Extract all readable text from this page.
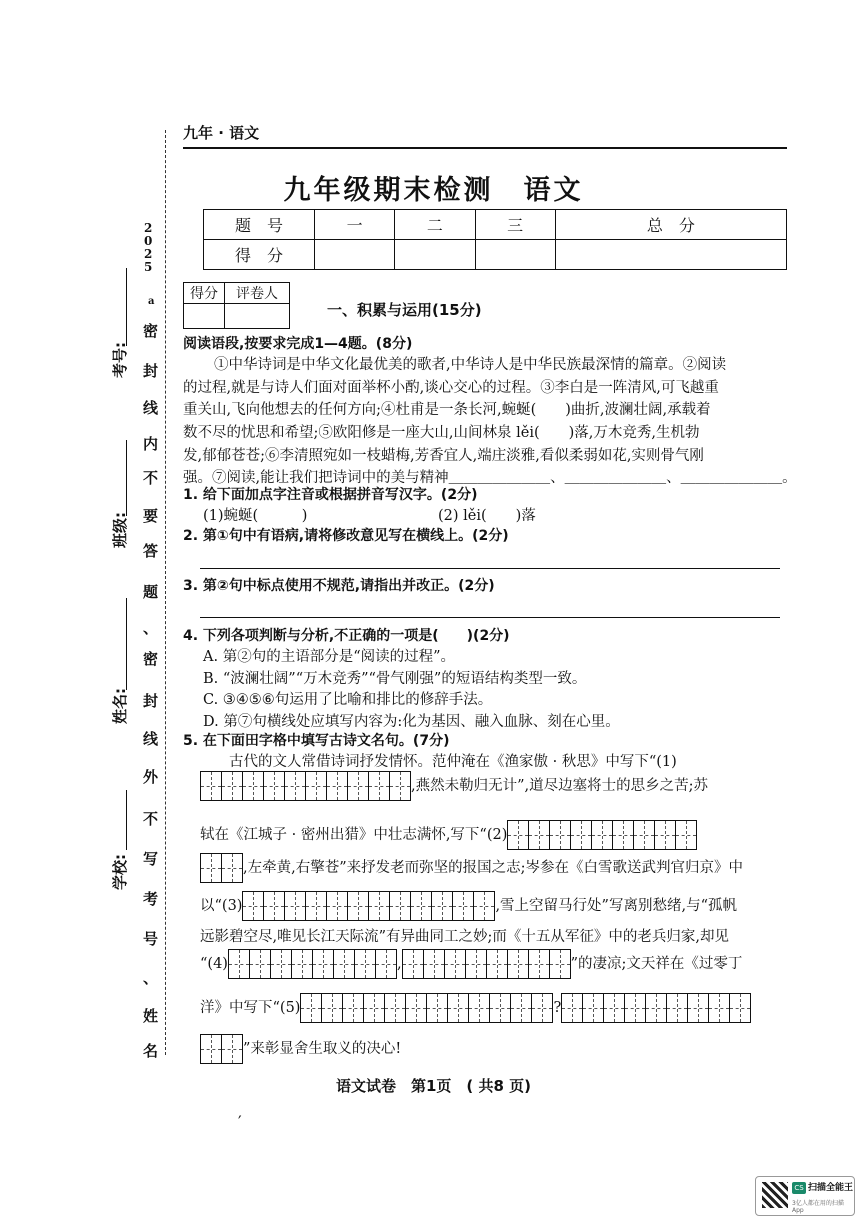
2025
a
密
封
线
内
不
要
答
题
、
密
封
线
外
不
写
考
号
、
姓
名
考号:
班级:
姓名:
学校:
九年 · 语文
九年级期末检测　语文
题　号	一	二	三	总　分
得　分				
得分	评卷人

一、积累与运用(15分)
阅读语段,按要求完成1—4题。(8分)
①中华诗词是中华文化最优美的歌者,中华诗人是中华民族最深情的篇章。②阅读
的过程,就是与诗人们面对面举杯小酌,谈心交心的过程。③李白是一阵清风,可飞越重
重关山,飞向他想去的任何方向;④杜甫是一条长河,蜿蜒(　　)曲折,波澜壮阔,承载着
数不尽的忧思和希望;⑤欧阳修是一座大山,山间林泉 lěi(　　)落,万木竞秀,生机勃
发,郁郁苍苍;⑥李清照宛如一枝蜡梅,芳香宜人,端庄淡雅,看似柔弱如花,实则骨气刚
强。⑦阅读,能让我们把诗词中的美与精神＿＿＿＿＿＿＿、＿＿＿＿＿＿＿、＿＿＿＿＿＿＿。
1. 给下面加点字注音或根据拼音写汉字。(2分)
(1)蜿蜒(　　　)	(2) lěi(　　)落
2. 第①句中有语病,请将修改意见写在横线上。(2分)
3. 第②句中标点使用不规范,请指出并改正。(2分)
4. 下列各项判断与分析,不正确的一项是(　　)(2分)
A. 第②句的主语部分是“阅读的过程”。
B. “波澜壮阔”“万木竞秀”“骨气刚强”的短语结构类型一致。
C. ③④⑤⑥句运用了比喻和排比的修辞手法。
D. 第⑦句横线处应填写内容为:化为基因、融入血脉、刻在心里。
5. 在下面田字格中填写古诗文名句。(7分)
古代的文人常借诗词抒发情怀。范仲淹在《渔家傲 · 秋思》中写下“(1)
,燕然未勒归无计”,道尽边塞将士的思乡之苦;苏
轼在《江城子 · 密州出猎》中壮志满怀,写下“(2)
,左牵黄,右擎苍”来抒发老而弥坚的报国之志;岑参在《白雪歌送武判官归京》中
以“(3)	,雪上空留马行处”写离别愁绪,与“孤帆
远影碧空尽,唯见长江天际流”有异曲同工之妙;而《十五从军征》中的老兵归家,却见
“(4)	,	”的凄凉;文天祥在《过零丁
洋》中写下“(5)	?
”来彰显舍生取义的决心!
语文试卷　第1页　( 共8 页)
′
CS 扫描全能王
3亿人都在用的扫描App
